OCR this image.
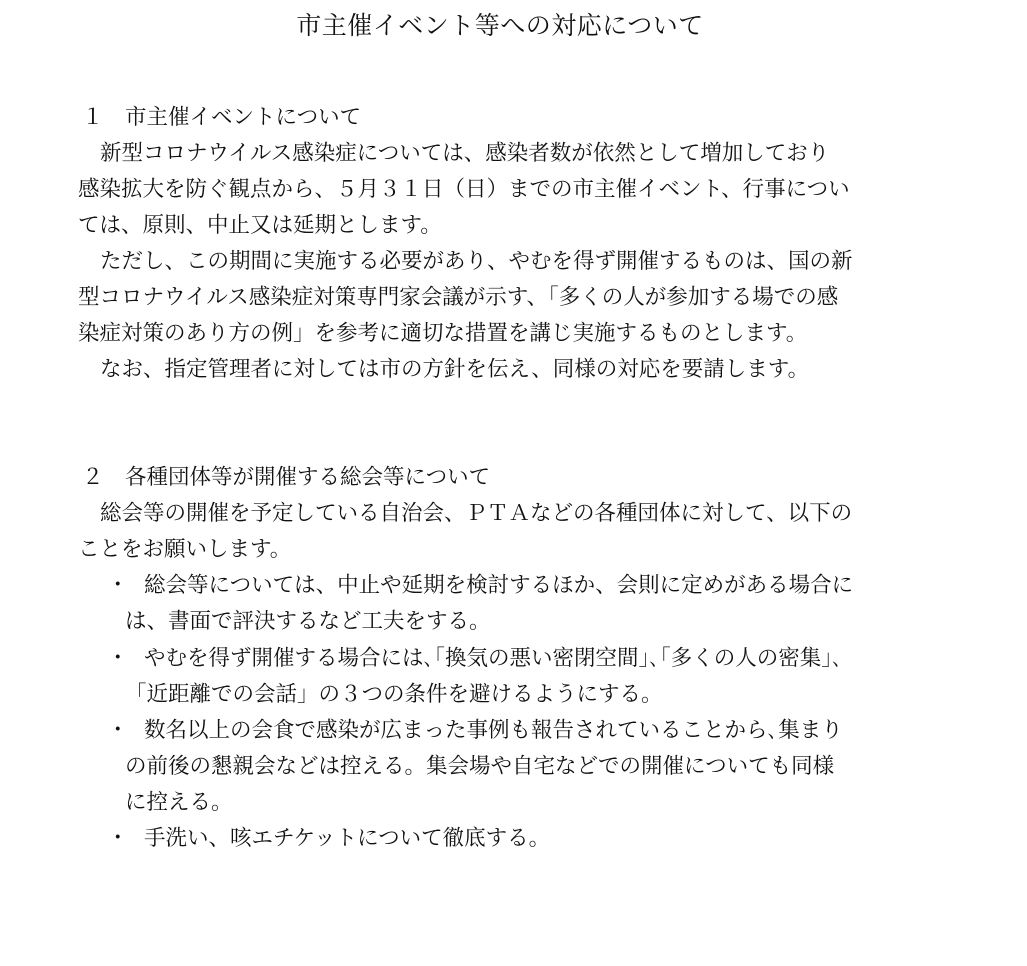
市主催イベント等への対応について
１　市主催イベントについて
新型コロナウイルス感染症については、感染者数が依然として増加しており
感染拡大を防ぐ観点から、５月３１日（日）までの市主催イベント、行事につい
ては、原則、中止又は延期とします。
ただし、この期間に実施する必要があり、やむを得ず開催するものは、国の新
型コロナウイルス感染症対策専門家会議が示す、「多くの人が参加する場での感
染症対策のあり方の例」を参考に適切な措置を講じ実施するものとします。
なお、指定管理者に対しては市の方針を伝え、同様の対応を要請します。
２　各種団体等が開催する総会等について
総会等の開催を予定している自治会、ＰＴＡなどの各種団体に対して、以下の
ことをお願いします。
・ 総会等については、中止や延期を検討するほか、会則に定めがある場合に
は、書面で評決するなど工夫をする。
・ やむを得ず開催する場合には､｢換気の悪い密閉空間｣､｢多くの人の密集｣､
「近距離での会話」の３つの条件を避けるようにする。
・ 数名以上の会食で感染が広まった事例も報告されていることから､集まり
の前後の懇親会などは控える。集会場や自宅などでの開催についても同様
に控える。
・ 手洗い、咳エチケットについて徹底する。
